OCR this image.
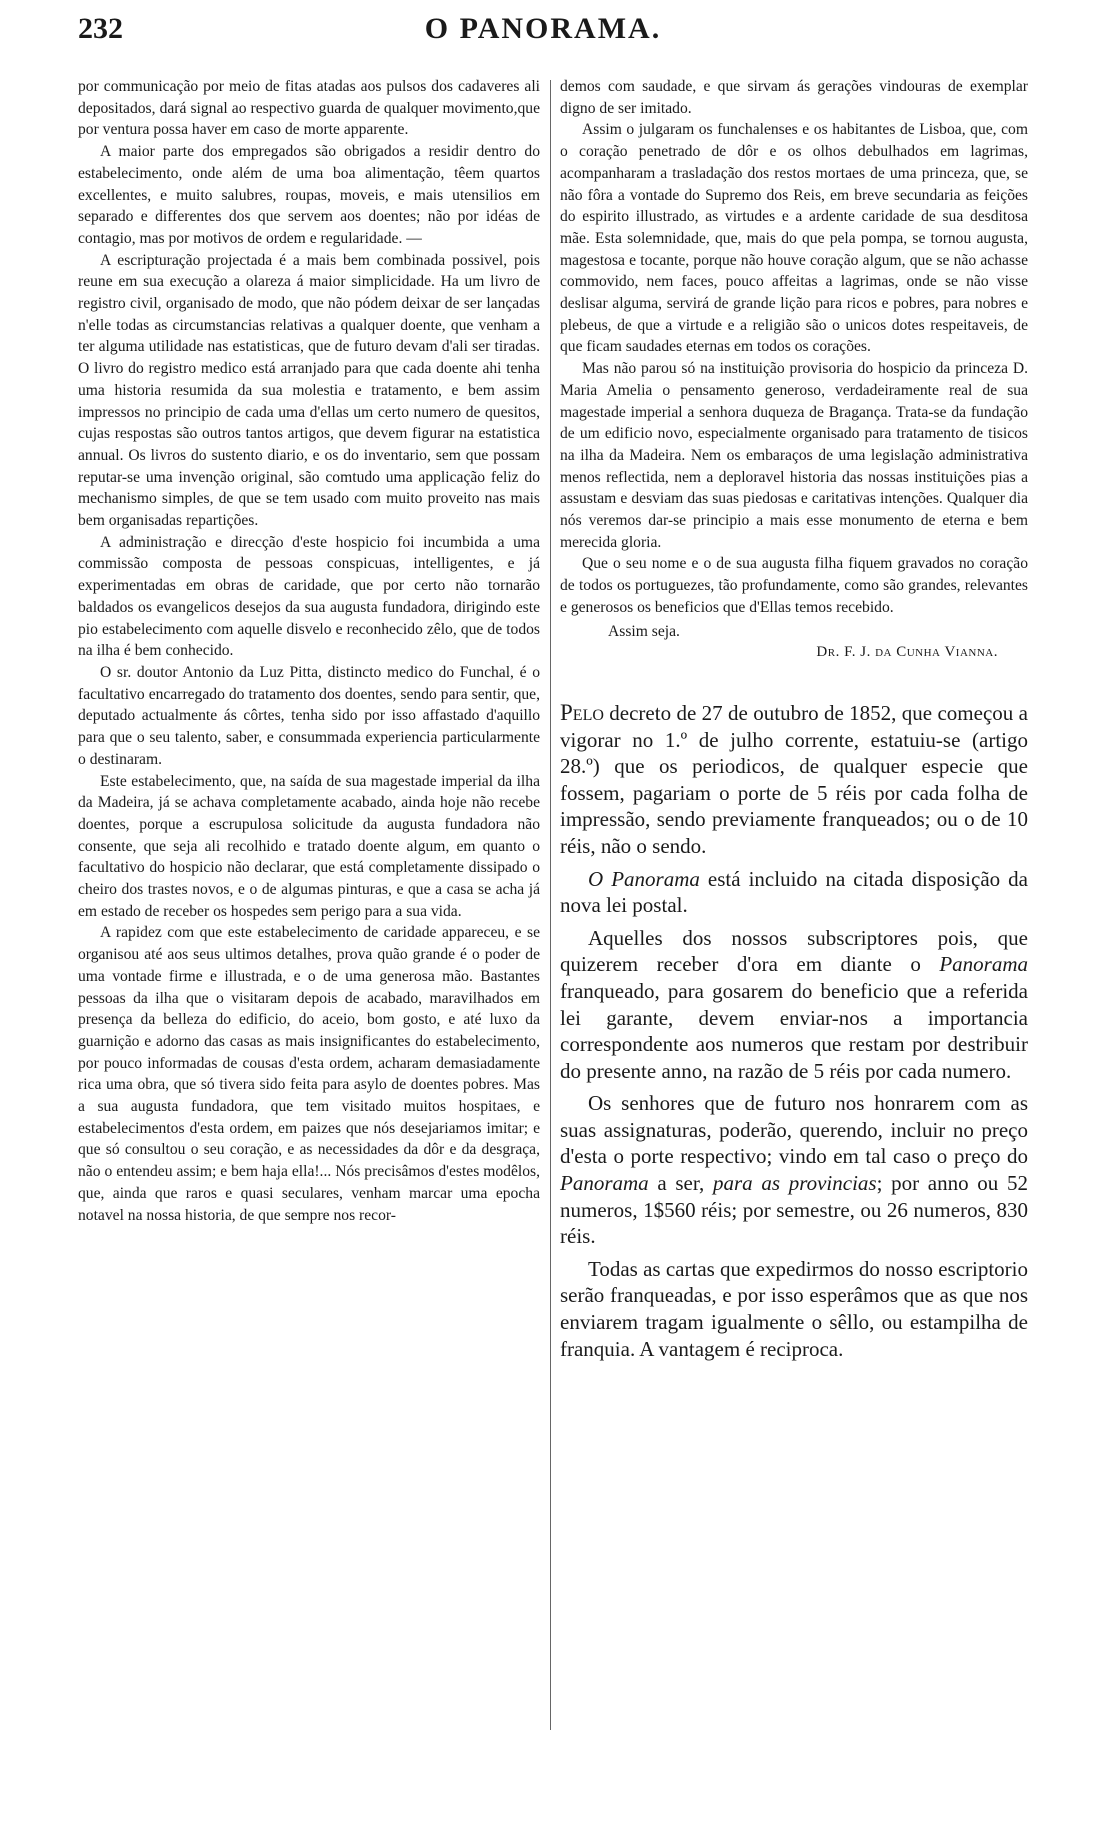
232	O PANORAMA.

por communicação por meio de fitas atadas aos pulsos dos cadaveres ali depositados, dará signal ao respectivo guarda de qualquer movimento,que por ventura possa haver em caso de morte apparente.

A maior parte dos empregados são obrigados a residir dentro do estabelecimento, onde além de uma boa alimentação, têem quartos excellentes, e muito salubres, roupas, moveis, e mais utensilios em separado e differentes dos que servem aos doentes; não por idéas de contagio, mas por motivos de ordem e regularidade. —

A escripturação projectada é a mais bem combinada possivel, pois reune em sua execução a olareza á maior simplicidade. Ha um livro de registro civil, organisado de modo, que não pódem deixar de ser lançadas n'elle todas as circumstancias relativas a qualquer doente, que venham a ter alguma utilidade nas estatisticas, que de futuro devam d'ali ser tiradas. O livro do registro medico está arranjado para que cada doente ahi tenha uma historia resumida da sua molestia e tratamento, e bem assim impressos no principio de cada uma d'ellas um certo numero de quesitos, cujas respostas são outros tantos artigos, que devem figurar na estatistica annual. Os livros do sustento diario, e os do inventario, sem que possam reputar-se uma invenção original, são comtudo uma applicação feliz do mechanismo simples, de que se tem usado com muito proveito nas mais bem organisadas repartições.

A administração e direcção d'este hospicio foi incumbida a uma commissão composta de pessoas conspicuas, intelligentes, e já experimentadas em obras de caridade, que por certo não tornarão baldados os evangelicos desejos da sua augusta fundadora, dirigindo este pio estabelecimento com aquelle disvelo e reconhecido zêlo, que de todos na ilha é bem conhecido.

O sr. doutor Antonio da Luz Pitta, distincto medico do Funchal, é o facultativo encarregado do tratamento dos doentes, sendo para sentir, que, deputado actualmente ás côrtes, tenha sido por isso affastado d'aquillo para que o seu talento, saber, e consummada experiencia particularmente o destinaram.

Este estabelecimento, que, na saída de sua magestade imperial da ilha da Madeira, já se achava completamente acabado, ainda hoje não recebe doentes, porque a escrupulosa solicitude da augusta fundadora não consente, que seja ali recolhido e tratado doente algum, em quanto o facultativo do hospicio não declarar, que está completamente dissipado o cheiro dos trastes novos, e o de algumas pinturas, e que a casa se acha já em estado de receber os hospedes sem perigo para a sua vida.

A rapidez com que este estabelecimento de caridade appareceu, e se organisou até aos seus ultimos detalhes, prova quão grande é o poder de uma vontade firme e illustrada, e o de uma generosa mão. Bastantes pessoas da ilha que o visitaram depois de acabado, maravilhados em presença da belleza do edificio, do aceio, bom gosto, e até luxo da guarnição e adorno das casas as mais insignificantes do estabelecimento, por pouco informadas de cousas d'esta ordem, acharam demasiadamente rica uma obra, que só tivera sido feita para asylo de doentes pobres. Mas a sua augusta fundadora, que tem visitado muitos hospitaes, e estabelecimentos d'esta ordem, em paizes que nós desejariamos imitar; e que só consultou o seu coração, e as necessidades da dôr e da desgraça, não o entendeu assim; e bem haja ella!... Nós precisâmos d'estes modêlos, que, ainda que raros e quasi seculares, venham marcar uma epocha notavel na nossa historia, de que sempre nos recor-

demos com saudade, e que sirvam ás gerações vindouras de exemplar digno de ser imitado.

Assim o julgaram os funchalenses e os habitantes de Lisboa, que, com o coração penetrado de dôr e os olhos debulhados em lagrimas, acompanharam a trasladação dos restos mortaes de uma princeza, que, se não fôra a vontade do Supremo dos Reis, em breve secundaria as feições do espirito illustrado, as virtudes e a ardente caridade de sua desditosa mãe. Esta solemnidade, que, mais do que pela pompa, se tornou augusta, magestosa e tocante, porque não houve coração algum, que se não achasse commovido, nem faces, pouco affeitas a lagrimas, onde se não visse deslisar alguma, servirá de grande lição para ricos e pobres, para nobres e plebeus, de que a virtude e a religião são o unicos dotes respeitaveis, de que ficam saudades eternas em todos os corações.

Mas não parou só na instituição provisoria do hospicio da princeza D. Maria Amelia o pensamento generoso, verdadeiramente real de sua magestade imperial a senhora duqueza de Bragança. Trata-se da fundação de um edificio novo, especialmente organisado para tratamento de tisicos na ilha da Madeira. Nem os embaraços de uma legislação administrativa menos reflectida, nem a deploravel historia das nossas instituições pias a assustam e desviam das suas piedosas e caritativas intenções. Qualquer dia nós veremos dar-se principio a mais esse monumento de eterna e bem merecida gloria.

Que o seu nome e o de sua augusta filha fiquem gravados no coração de todos os portuguezes, tão profundamente, como são grandes, relevantes e generosos os beneficios que d'Ellas temos recebido.

Assim seja.

Dr. F. J. da Cunha Vianna.

Pelo decreto de 27 de outubro de 1852, que começou a vigorar no 1.º de julho corrente, estatuiu-se (artigo 28.º) que os periodicos, de qualquer especie que fossem, pagariam o porte de 5 réis por cada folha de impressão, sendo previamente franqueados; ou o de 10 réis, não o sendo.

O Panorama está incluido na citada disposição da nova lei postal.

Aquelles dos nossos subscriptores pois, que quizerem receber d'ora em diante o Panorama franqueado, para gosarem do beneficio que a referida lei garante, devem enviar-nos a importancia correspondente aos numeros que restam por destribuir do presente anno, na razão de 5 réis por cada numero.

Os senhores que de futuro nos honrarem com as suas assignaturas, poderão, querendo, incluir no preço d'esta o porte respectivo; vindo em tal caso o preço do Panorama a ser, para as provincias; por anno ou 52 numeros, 1$560 réis; por semestre, ou 26 numeros, 830 réis.

Todas as cartas que expedirmos do nosso escriptorio serão franqueadas, e por isso esperâmos que as que nos enviarem tragam igualmente o sêllo, ou estampilha de franquia. A vantagem é reciproca.
